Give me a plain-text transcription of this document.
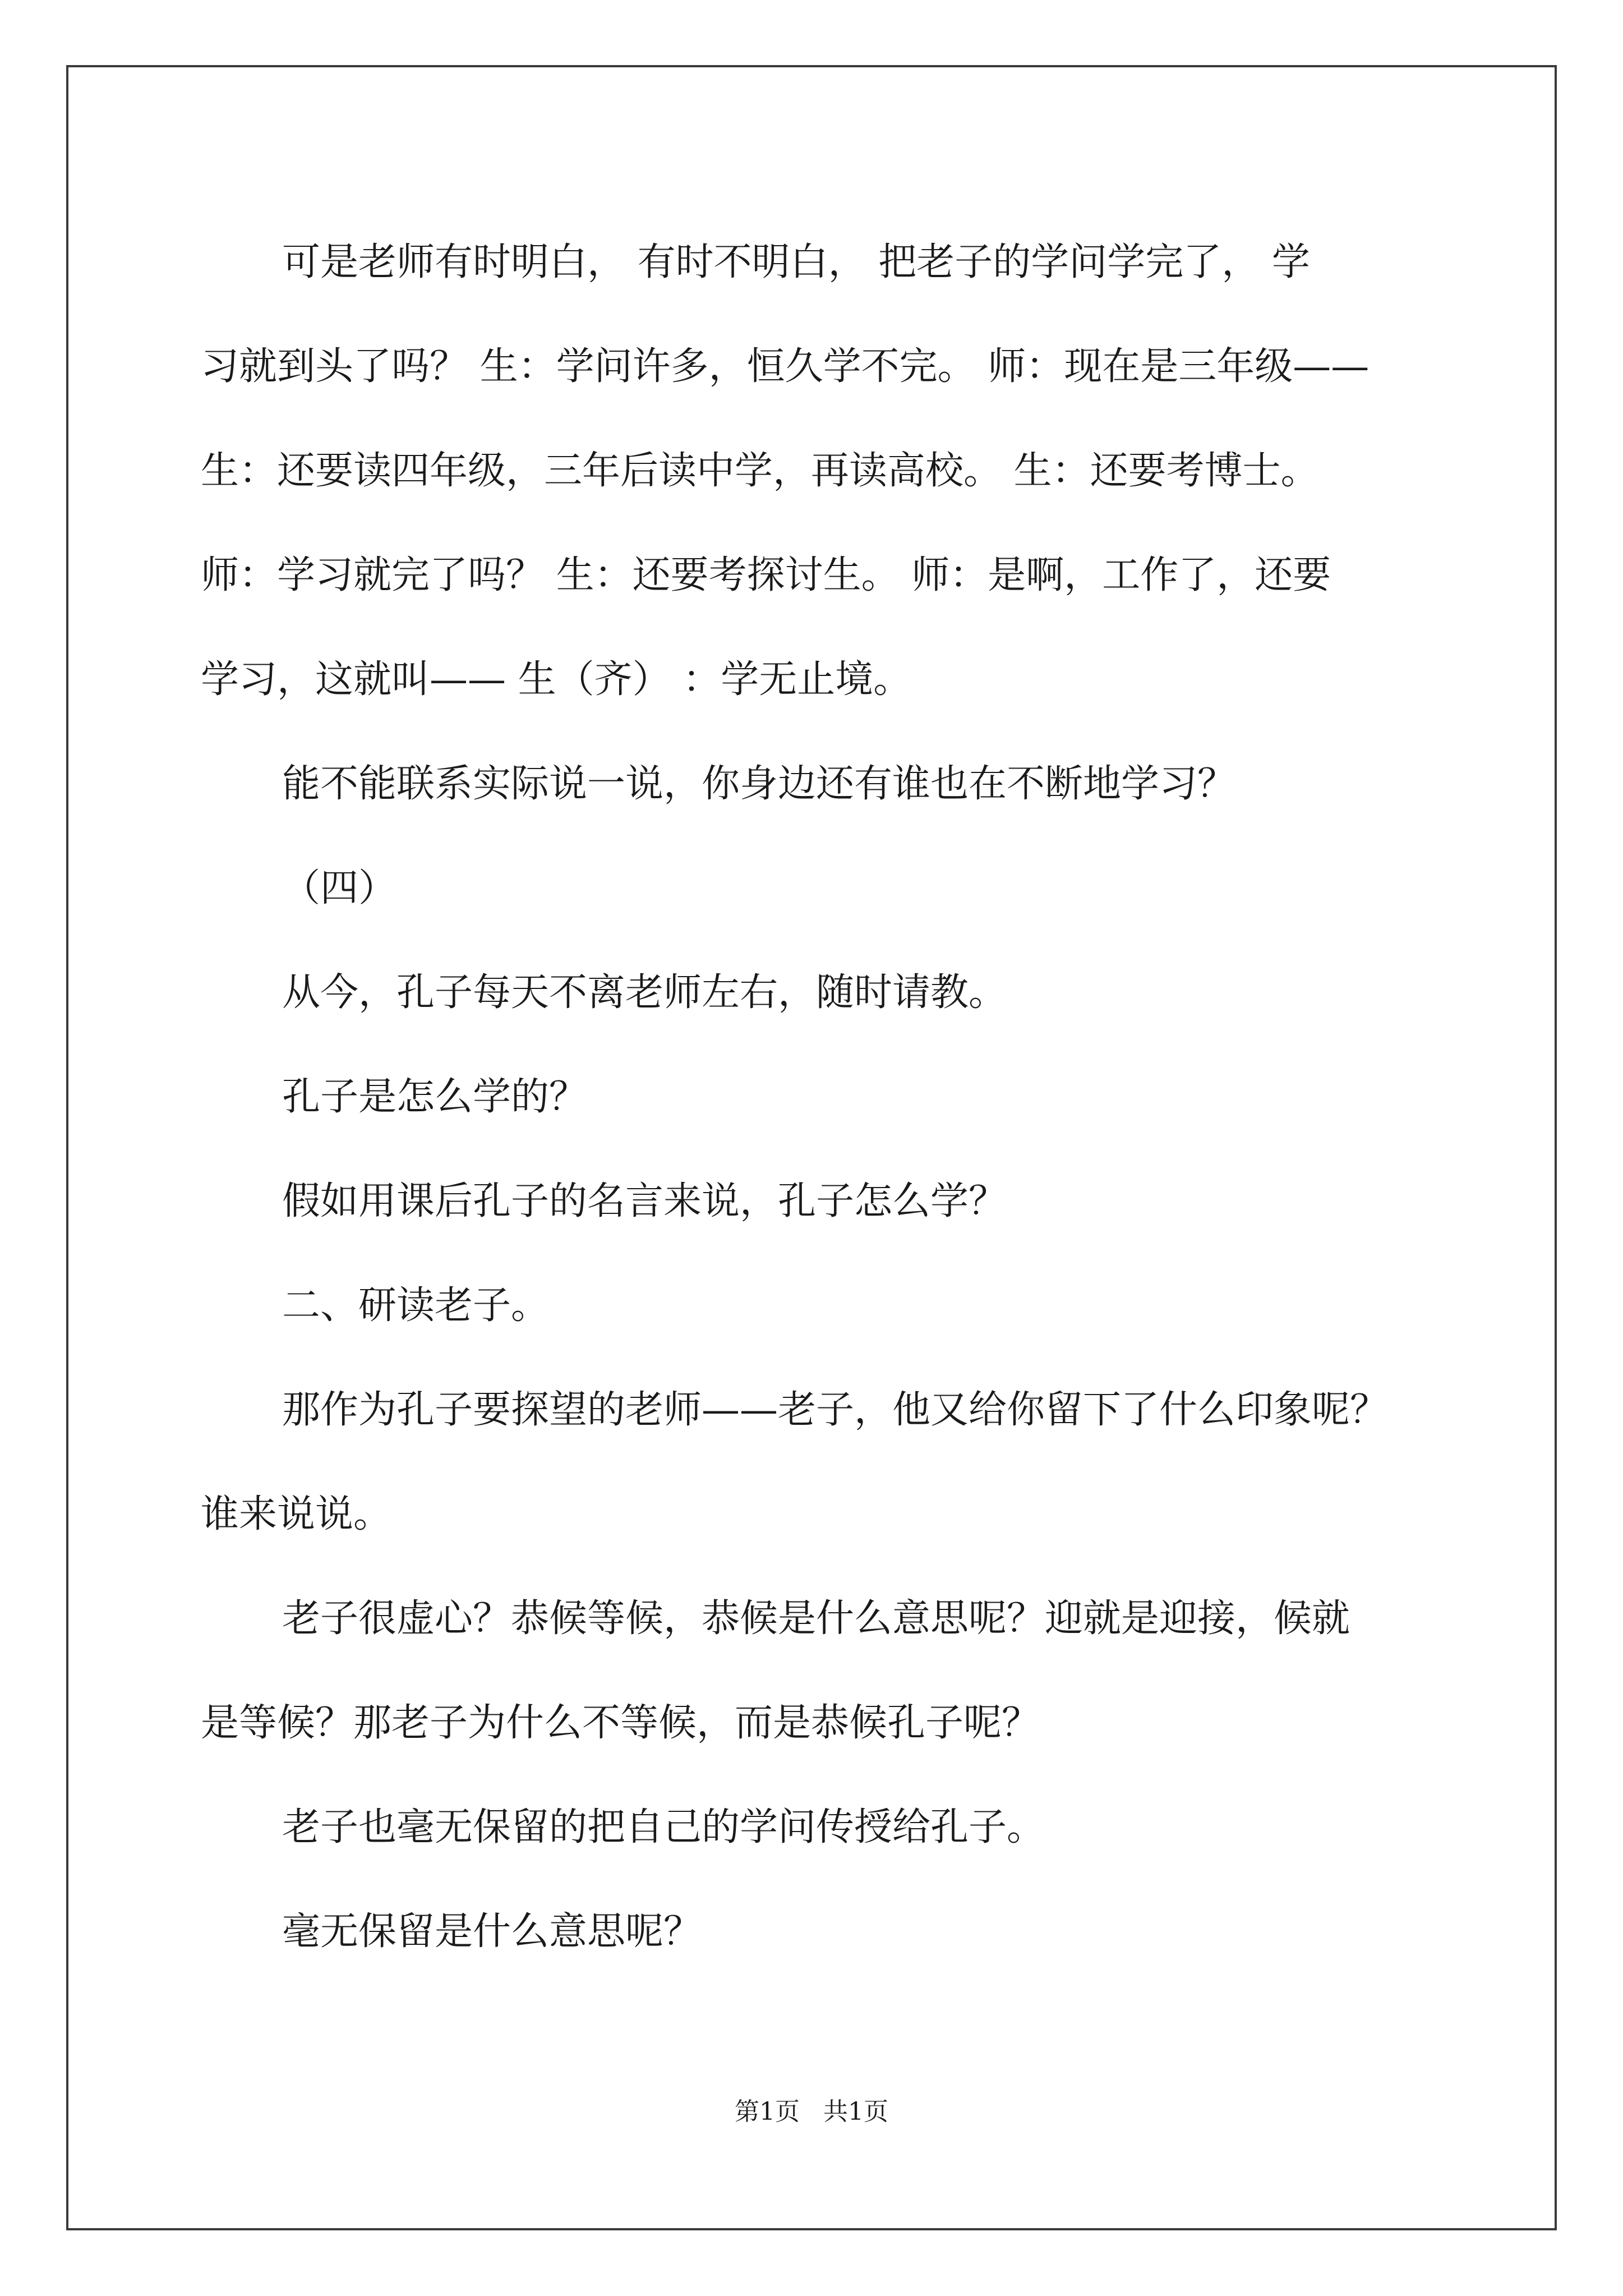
可是老师有时明白， 有时不明白， 把老子的学问学完了， 学
习就到头了吗？ 生：学问许多，恒久学不完。 师：现在是三年级——
生：还要读四年级，三年后读中学，再读高校。 生：还要考博士。
师：学习就完了吗？ 生：还要考探讨生。 师：是啊，工作了，还要
学习，这就叫—— 生（齐） ：学无止境。
能不能联系实际说一说，你身边还有谁也在不断地学习？
（四）
从今，孔子每天不离老师左右，随时请教。
孔子是怎么学的？
假如用课后孔子的名言来说，孔子怎么学？
二、研读老子。
那作为孔子要探望的老师——老子，他又给你留下了什么印象呢？
谁来说说。
老子很虚心？恭候等候，恭候是什么意思呢？迎就是迎接，候就
是等候？那老子为什么不等候，而是恭候孔子呢？
老子也毫无保留的把自己的学问传授给孔子。
毫无保留是什么意思呢？
第1页 共1页
